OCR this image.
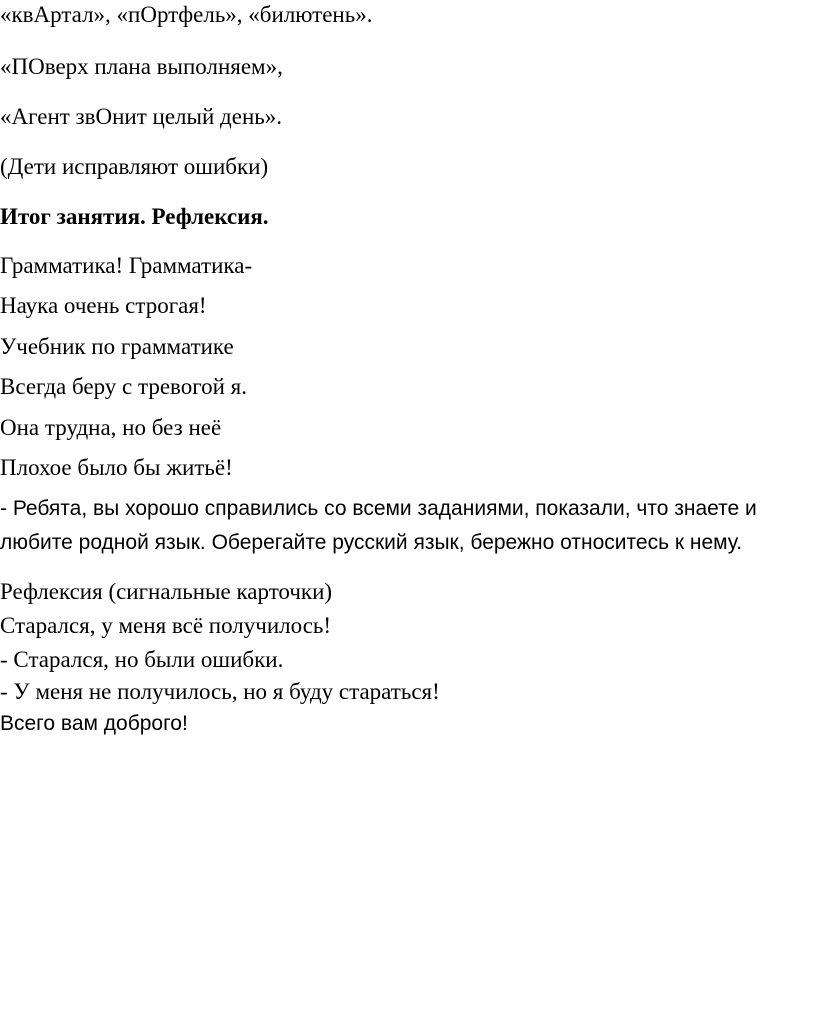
«квАртал», «пОртфель», «билютень».
«ПОверх плана выполняем»,
«Агент звОнит целый день».
(Дети исправляют ошибки)
Итог занятия. Рефлексия.
Грамматика! Грамматика-
Наука очень строгая!
Учебник по грамматике
Всегда беру с тревогой я.
Она трудна, но без неё
Плохое было бы житьё!
- Ребята, вы хорошо справились со всеми заданиями, показали, что знаете и
любите родной язык. Оберегайте русский язык, бережно относитесь к нему.
Рефлексия (сигнальные карточки)
Старался, у меня всё получилось!
- Старался, но были ошибки.
- У меня не получилось, но я буду стараться!
Всего вам доброго!
